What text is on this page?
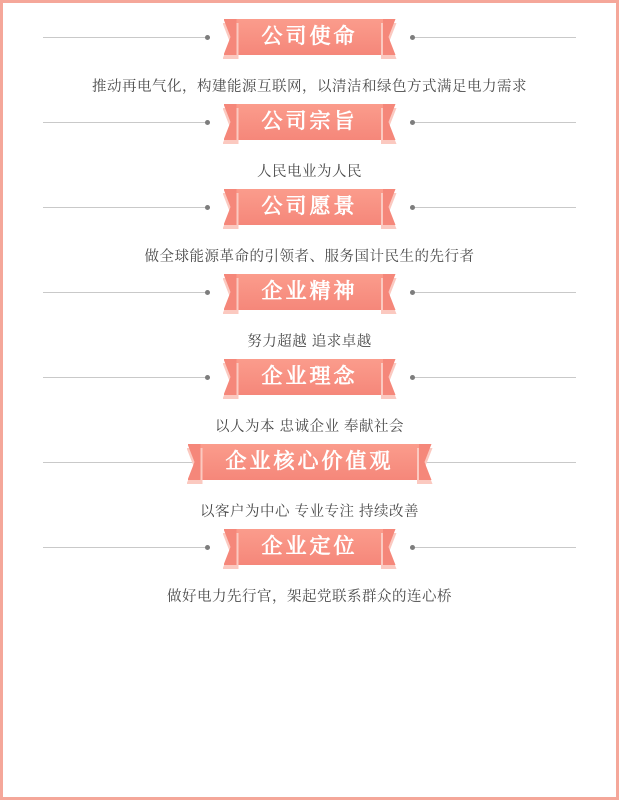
公司使命
推动再电气化，构建能源互联网，以清洁和绿色方式满足电力需求
公司宗旨
人民电业为人民
公司愿景
做全球能源革命的引领者、服务国计民生的先行者
企业精神
努力超越 追求卓越
企业理念
以人为本 忠诚企业 奉献社会
企业核心价值观
以客户为中心 专业专注 持续改善
企业定位
做好电力先行官，架起党联系群众的连心桥
